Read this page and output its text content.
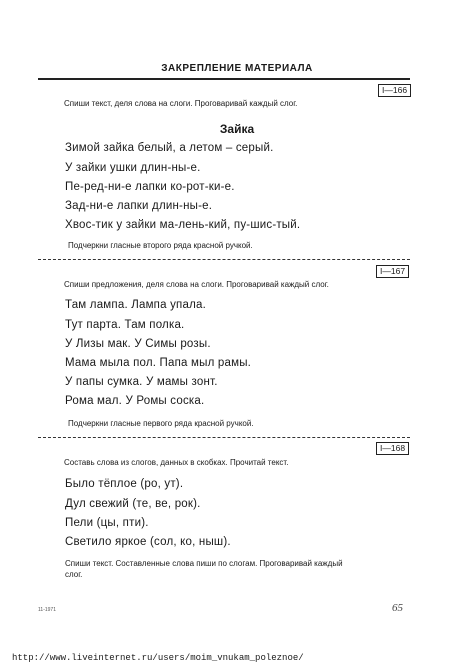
ЗАКРЕПЛЕНИЕ МАТЕРИАЛА
I—166
Спиши текст, деля слова на слоги. Проговаривай каждый слог.
Зайка
Зимой зайка белый, а летом – серый.
У зайки ушки длин-ны-е.
Пе-ред-ни-е лапки ко-рот-ки-е.
Зад-ни-е лапки длин-ны-е.
Хвос-тик у зайки ма-лень-кий, пу-шис-тый.
Подчеркни гласные второго ряда красной ручкой.
I—167
Спиши предложения, деля слова на слоги. Проговаривай каждый слог.
Там лампа. Лампа упала.
Тут парта. Там полка.
У Лизы мак. У Симы розы.
Мама мыла пол. Папа мыл рамы.
У папы сумка. У мамы зонт.
Рома мал. У Ромы соска.
Подчеркни гласные первого ряда красной ручкой.
I—168
Составь слова из слогов, данных в скобках. Прочитай текст.
Было тёплое (ро, ут).
Дул свежий (те, ве, рок).
Пели (цы, пти).
Светило яркое (сол, ко, ныш).
Спиши текст. Составленные слова пиши по слогам. Проговаривай каждый
слог.
11-1971	65
http://www.liveinternet.ru/users/moim_vnukam_poleznoe/
